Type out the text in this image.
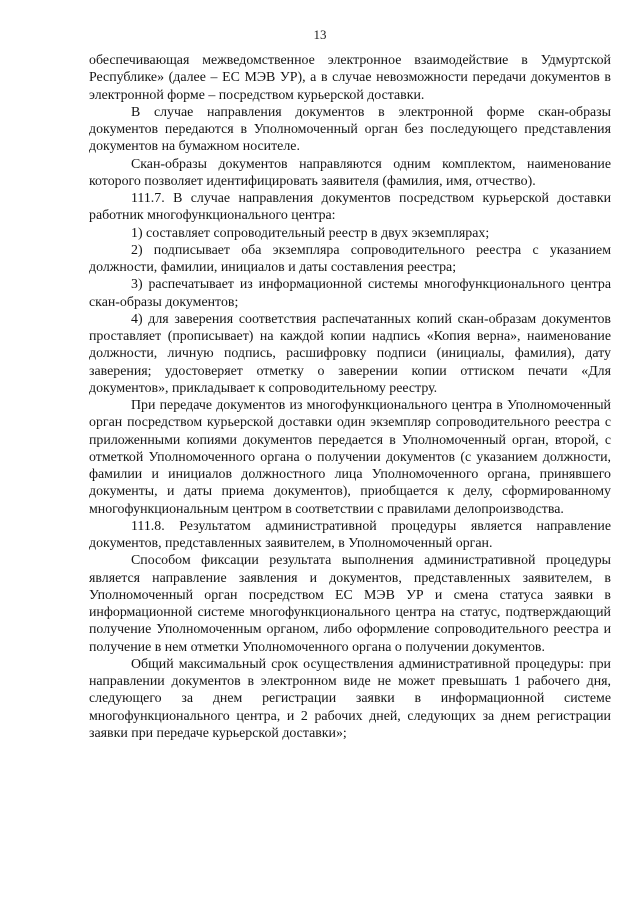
13

обеспечивающая межведомственное электронное взаимодействие в Удмуртской Республике» (далее – ЕС МЭВ УР), а в случае невозможности передачи документов в электронной форме – посредством курьерской доставки.

В случае направления документов в электронной форме скан-образы документов передаются в Уполномоченный орган без последующего представления документов на бумажном носителе.

Скан-образы документов направляются одним комплектом, наименование которого позволяет идентифицировать заявителя (фамилия, имя, отчество).

111.7. В случае направления документов посредством курьерской доставки работник многофункционального центра:

1) составляет сопроводительный реестр в двух экземплярах;

2) подписывает оба экземпляра сопроводительного реестра с указанием должности, фамилии, инициалов и даты составления реестра;

3) распечатывает из информационной системы многофункционального центра скан-образы документов;

4) для заверения соответствия распечатанных копий скан-образам документов проставляет (прописывает) на каждой копии надпись «Копия верна», наименование должности, личную подпись, расшифровку подписи (инициалы, фамилия), дату заверения; удостоверяет отметку о заверении копии оттиском печати «Для документов», прикладывает к сопроводительному реестру.

При передаче документов из многофункционального центра в Уполномоченный орган посредством курьерской доставки один экземпляр сопроводительного реестра с приложенными копиями документов передается в Уполномоченный орган, второй, с отметкой Уполномоченного органа о получении документов (с указанием должности, фамилии и инициалов должностного лица Уполномоченного органа, принявшего документы, и даты приема документов), приобщается к делу, сформированному многофункциональным центром в соответствии с правилами делопроизводства.

111.8. Результатом административной процедуры является направление документов, представленных заявителем, в Уполномоченный орган.

Способом фиксации результата выполнения административной процедуры является направление заявления и документов, представленных заявителем, в Уполномоченный орган посредством ЕС МЭВ УР и смена статуса заявки в информационной системе многофункционального центра на статус, подтверждающий получение Уполномоченным органом, либо оформление сопроводительного реестра и получение в нем отметки Уполномоченного органа о получении документов.

Общий максимальный срок осуществления административной процедуры: при направлении документов в электронном виде не может превышать 1 рабочего дня, следующего за днем регистрации заявки в информационной системе многофункционального центра, и 2 рабочих дней, следующих за днем регистрации заявки при передаче курьерской доставки»;
